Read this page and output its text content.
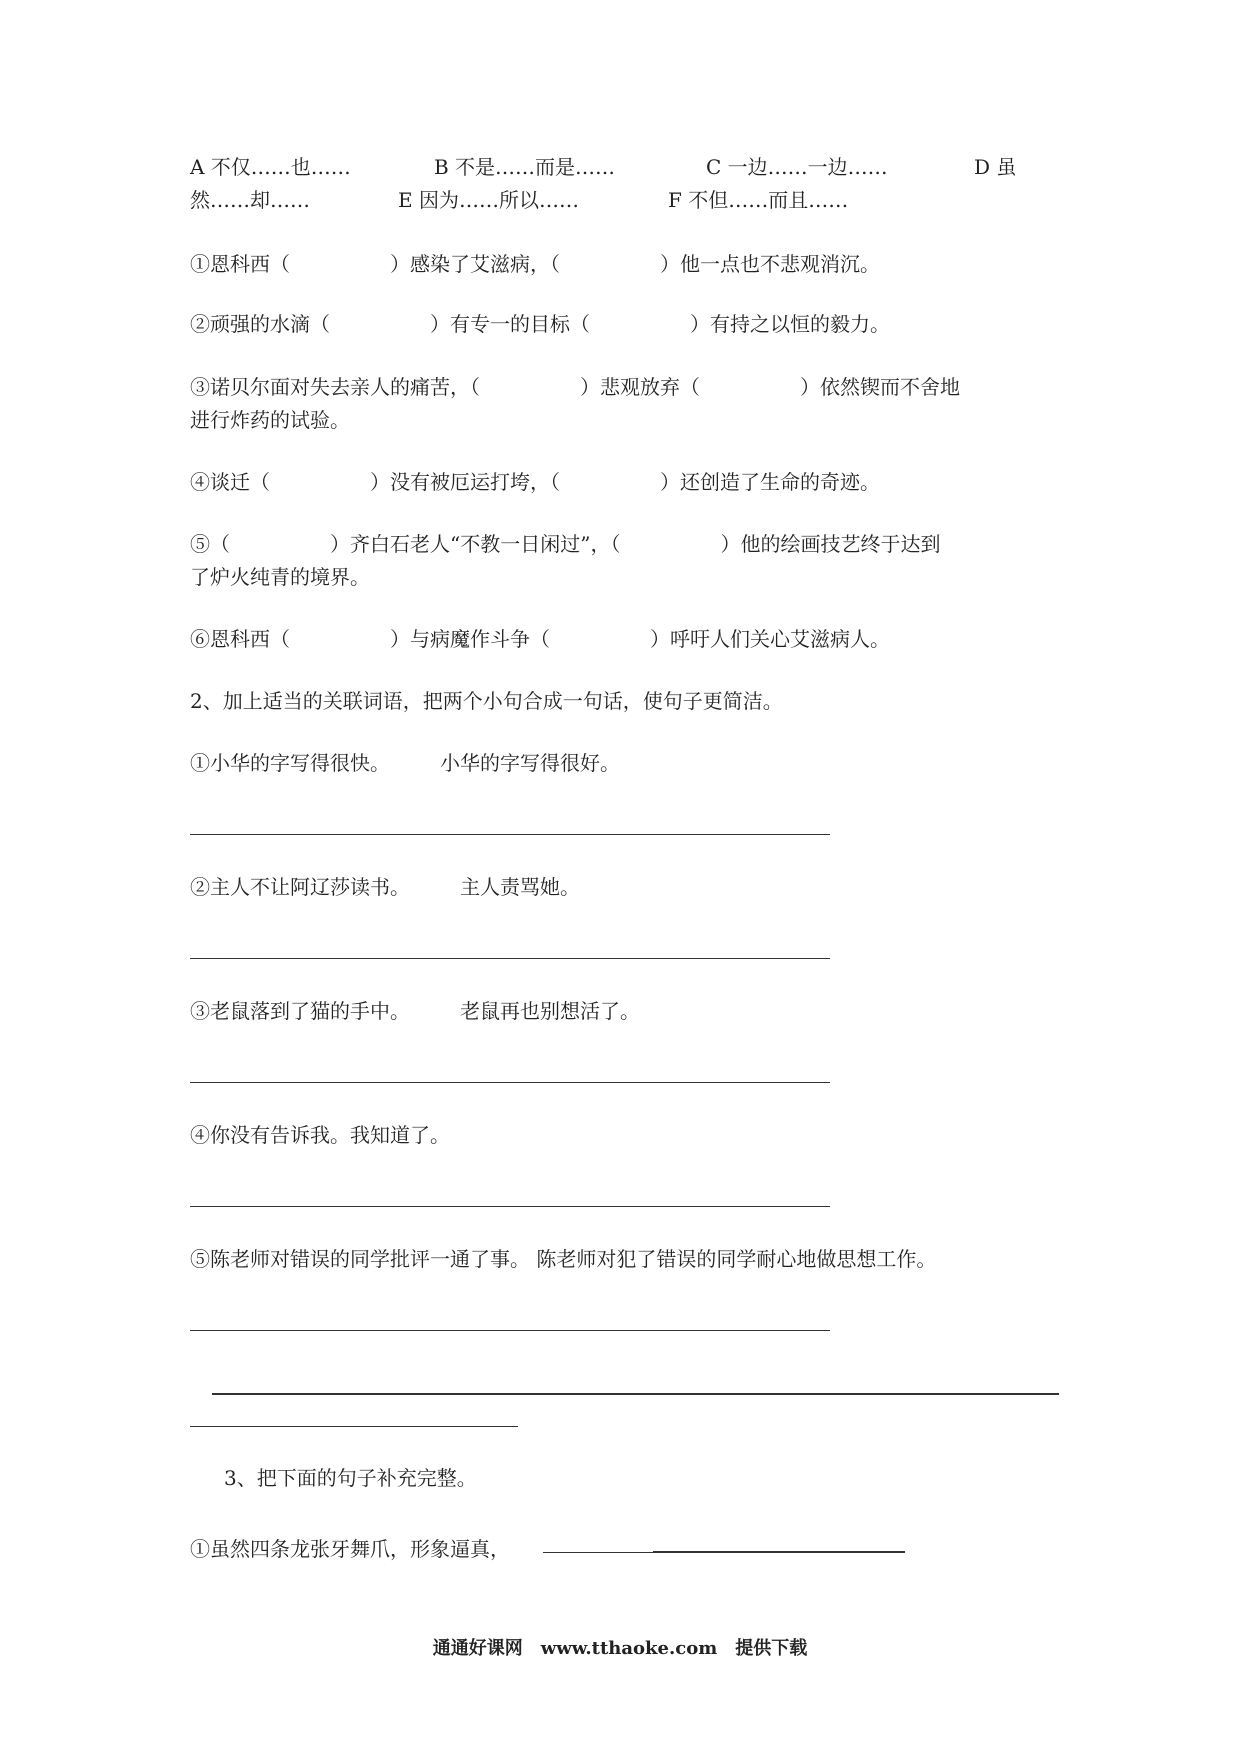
A 不仅……也……	B 不是……而是……	C 一边……一边……	D 虽
然……却……	E 因为……所以……	F 不但……而且……
①恩科西（　　　　　）感染了艾滋病，（　　　　　）他一点也不悲观消沉。
②顽强的水滴（　　　　　）有专一的目标（　　　　　）有持之以恒的毅力。
③诺贝尔面对失去亲人的痛苦，（　　　　　）悲观放弃（　　　　　）依然锲而不舍地
进行炸药的试验。
④谈迁（　　　　　）没有被厄运打垮，（　　　　　）还创造了生命的奇迹。
⑤（　　　　　）齐白石老人“不教一日闲过”，（　　　　　）他的绘画技艺终于达到
了炉火纯青的境界。
⑥恩科西（　　　　　）与病魔作斗争（　　　　　）呼吁人们关心艾滋病人。
2、加上适当的关联词语，把两个小句合成一句话，使句子更简洁。
①小华的字写得很快。　　　小华的字写得很好。
②主人不让阿辽莎读书。　　　主人责骂她。
③老鼠落到了猫的手中。　　　老鼠再也别想活了。
④你没有告诉我。我知道了。
⑤陈老师对错误的同学批评一通了事。 陈老师对犯了错误的同学耐心地做思想工作。
3、把下面的句子补充完整。
①虽然四条龙张牙舞爪，形象逼真，
通通好课网　www.tthaoke.com　提供下载
